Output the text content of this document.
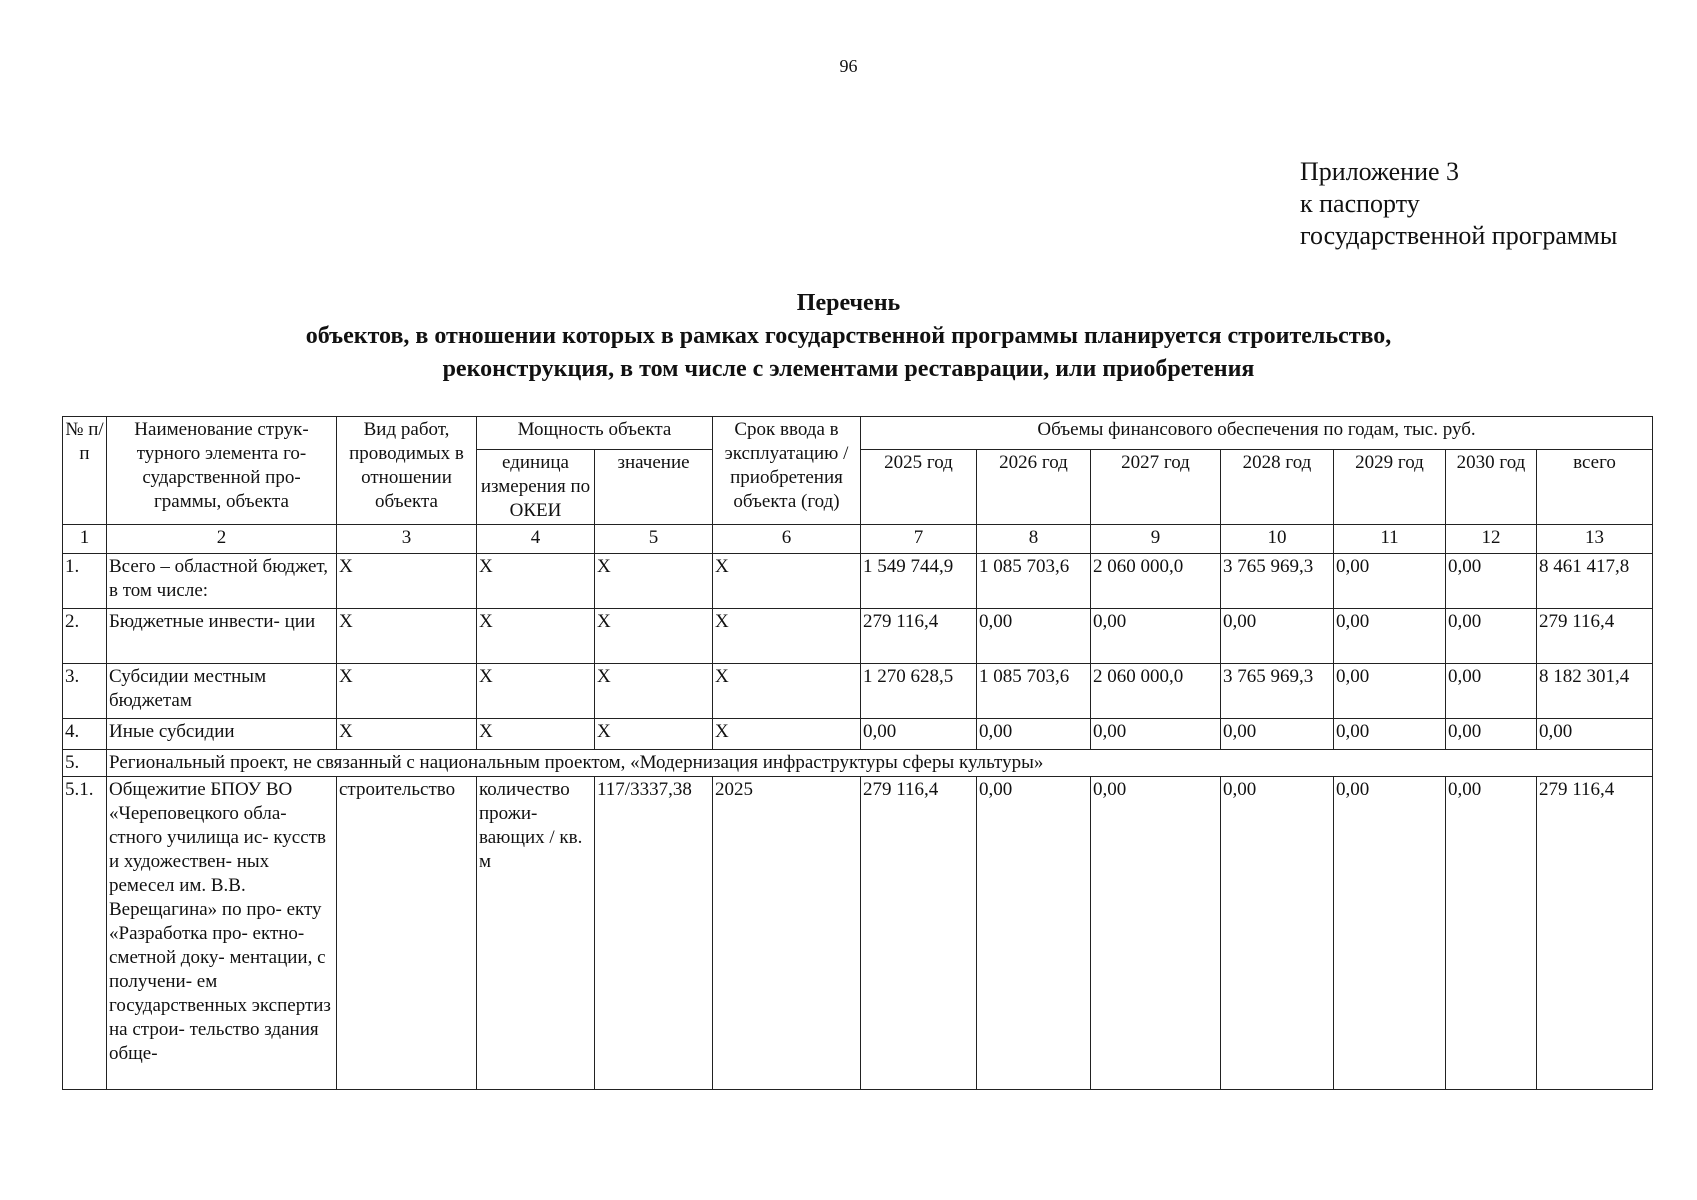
96
Приложение 3
к паспорту
государственной программы
Перечень
объектов, в отношении которых в рамках государственной программы планируется строительство,
реконструкция, в том числе с элементами реставрации, или приобретения
№ п/п	Наименование струк- турного элемента го- сударственной про- граммы, объекта	Вид работ, проводимых в отношении объекта	Мощность объекта		Срок ввода в эксплуатацию / приобретения объекта (год)	Объемы финансового обеспечения по годам, тыс. руб.						
			единица измерения по ОКЕИ	значение		2025 год	2026 год	2027 год	2028 год	2029 год	2030 год	всего
1	2	3	4	5	6	7	8	9	10	11	12	13
1.	Всего – областной бюджет, в том числе:	X	X	X	X	1 549 744,9	1 085 703,6	2 060 000,0	3 765 969,3	0,00	0,00	8 461 417,8
2.	Бюджетные инвести- ции	X	X	X	X	279 116,4	0,00	0,00	0,00	0,00	0,00	279 116,4
3.	Субсидии местным бюджетам	X	X	X	X	1 270 628,5	1 085 703,6	2 060 000,0	3 765 969,3	0,00	0,00	8 182 301,4
4.	Иные субсидии	X	X	X	X	0,00	0,00	0,00	0,00	0,00	0,00	0,00
5.	Региональный проект, не связанный с национальным проектом, «Модернизация инфраструктуры сферы культуры»											
5.1.	Общежитие БПОУ ВО «Череповецкого обла- стного училища ис- кусств и художествен- ных ремесел им. В.В. Верещагина» по про- екту «Разработка про- ектно-сметной доку- ментации, с получени- ем государственных экспертиз на строи- тельство здания обще-	строительство	количество прожи- вающих / кв. м	117/3337,38	2025	279 116,4	0,00	0,00	0,00	0,00	0,00	279 116,4
